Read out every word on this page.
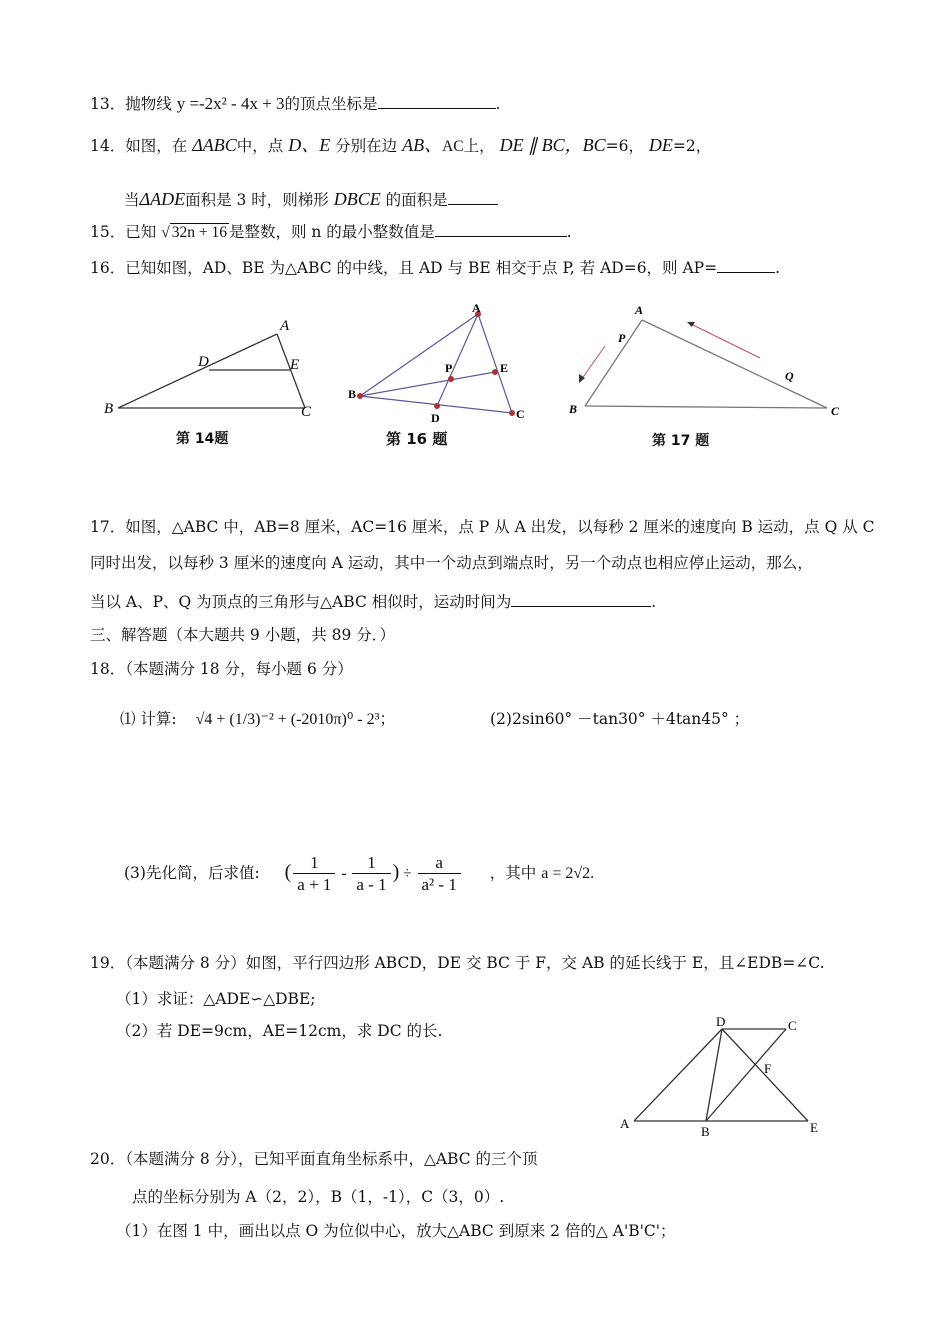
13．抛物线 y =-2x² - 4x + 3的顶点坐标是	.
14．如图，在 ΔABC中，点 D、E 分别在边 AB、AC上， DE ∥ BC，BC=6， DE=2，
当ΔADE面积是 3 时，则梯形 DBCE 的面积是
15．已知 √ 32n + 16 是整数，则 n 的最小整数值是	.
16．已知如图，AD、BE 为△ABC 的中线，且 AD 与 BE 相交于点 P, 若 AD=6，则 AP=	.
A
B	C
D	E
第 14题
A
B
C
D
E
P
第 16 题
A
B	C
P
Q
第 17 题
17．如图，△ABC 中，AB=8 厘米，AC=16 厘米，点 P 从 A 出发，以每秒 2 厘米的速度向 B 运动，点 Q 从 C
同时出发，以每秒 3 厘米的速度向 A 运动，其中一个动点到端点时，另一个动点也相应停止运动，那么，
当以 A、P、Q 为顶点的三角形与△ABC 相似时，运动时间为	.
三、解答题（本大题共 9 小题，共 89 分．）
18．（本题满分 18 分，每小题 6 分）
⑴ 计算: √4 + (1/3)⁻² + (-2010π)⁰ - 2³；	(2)2sin60° －tan30° ＋4tan45° ；
(3)先化简，后求值: ( $\frac{1}{a + 1} - \frac{1}{a - 1}$ ) ÷ $\frac{a}{\text{a² - 1}}$ ，其中 a = 2√2.
19．（本题满分 8 分）如图，平行四边形 ABCD，DE 交 BC 于 F，交 AB 的延长线于 E，且∠EDB=∠C.
（1）求证：△ADE∽△DBE;
（2）若 DE=9cm，AE=12cm，求 DC 的长.
D	C
F
A
B	E
20．（本题满分 8 分），已知平面直角坐标系中，△ABC 的三个顶
点的坐标分别为 A（2，2），B（1，-1），C（3，0）.
（1）在图 1 中，画出以点 O 为位似中心，放大△ABC 到原来 2 倍的△ A'B'C'；
